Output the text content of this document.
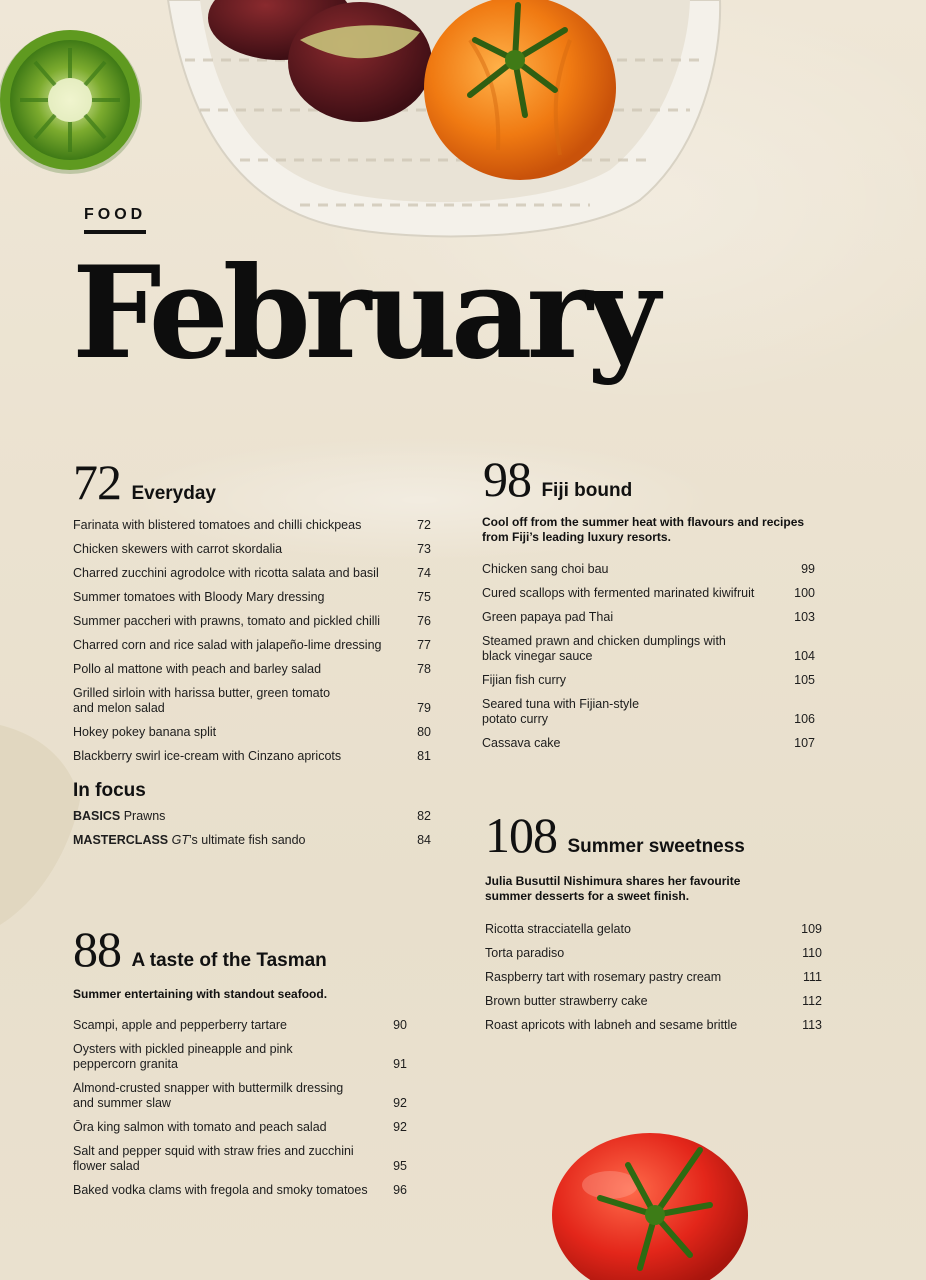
FOOD
February
72 Everyday
Farinata with blistered tomatoes and chilli chickpeas	72
Chicken skewers with carrot skordalia	73
Charred zucchini agrodolce with ricotta salata and basil	74
Summer tomatoes with Bloody Mary dressing	75
Summer paccheri with prawns, tomato and pickled chilli	76
Charred corn and rice salad with jalapeño-lime dressing	77
Pollo al mattone with peach and barley salad	78
Grilled sirloin with harissa butter, green tomato
and melon salad	79
Hokey pokey banana split	80
Blackberry swirl ice-cream with Cinzano apricots	81
In focus
BASICS Prawns	82
MASTERCLASS GT’s ultimate fish sando	84
88 A taste of the Tasman
Summer entertaining with standout seafood.
Scampi, apple and pepperberry tartare	90
Oysters with pickled pineapple and pink
peppercorn granita	91
Almond-crusted snapper with buttermilk dressing
and summer slaw	92
Ōra king salmon with tomato and peach salad	92
Salt and pepper squid with straw fries and zucchini
flower salad	95
Baked vodka clams with fregola and smoky tomatoes	96
98 Fiji bound
Cool off from the summer heat with flavours and recipes
from Fiji’s leading luxury resorts.
Chicken sang choi bau	99
Cured scallops with fermented marinated kiwifruit	100
Green papaya pad Thai	103
Steamed prawn and chicken dumplings with
black vinegar sauce	104
Fijian fish curry	105
Seared tuna with Fijian-style
potato curry	106
Cassava cake	107
108 Summer sweetness
Julia Busuttil Nishimura shares her favourite
summer desserts for a sweet finish.
Ricotta stracciatella gelato	109
Torta paradiso	110
Raspberry tart with rosemary pastry cream	111
Brown butter strawberry cake	112
Roast apricots with labneh and sesame brittle	113
